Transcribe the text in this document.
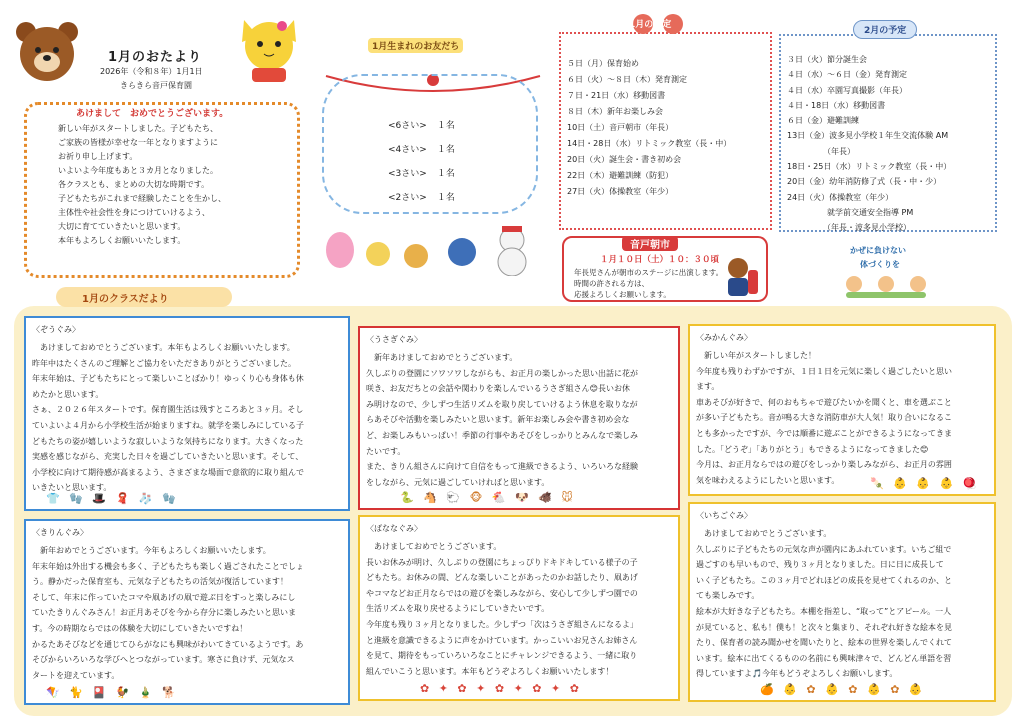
1月のおたより
2026年（令和８年）1月1日
きらきら音戸保育園
あけまして　おめでとうございます。

新しい年がスタートしました。子どもたち、

ご家族の皆様が幸せな一年となりますように

お祈り申し上げます。

いよいよ今年度もあと３カ月となりました。

各クラスとも、まとめの大切な時期です。

子どもたちがこれまで経験したことを生かし、

主体性や社会性を身につけていけるよう、

大切に育てていきたいと思います。

本年もよろしくお願いいたします。

1月生まれのお友だち
<6さい> １名
<4さい> １名
<3さい> １名
<2さい> １名
1月の予定
５日（月）保育始め
６日（火）～８日（木）発育測定
７日・21日（水）移動図書
８日（木）新年お楽しみ会
10日（土）音戸朝市（年長）
14日・28日（水）リトミック教室（長・中）
20日（火）誕生会・書き初め会
22日（木）避難訓練（防犯）
27日（火）体操教室（年少）
2月の予定
３日（火）節分誕生会
４日（水）～６日（金）発育測定
４日（水）卒園写真撮影（年長）
４日・18日（水）移動図書
６日（金）避難訓練
13日（金）波多見小学校１年生交流体験 AM
　　　　　（年長）
18日・25日（水）リトミック教室（長・中）
20日（金）幼年消防修了式（長・中・少）
24日（火）体操教室（年少）
　　　　　就学前交通安全指導 PM
　　　　　（年長・波多見小学校）
音戸朝市
１月１０日（土）１０：３０頃
年長児さんが朝市のステージに出演します。
時間の許される方は、
応援よろしくお願いします。
かぜに負けない
体づくりを
1月のクラスだより
〈ぞうぐみ〉
　あけましておめでとうございます。本年もよろしくお願いいたします。
昨年中はたくさんのご理解とご協力をいただきありがとうございました。
年末年始は、子どもたちにとって楽しいことばかり！ゆっくり心も身体も休
めたかと思います。
さぁ、２０２６年スタートです。保育園生活は残すところあと３ヶ月。そし
ていよいよ４月から小学校生活が始まりますね。就学を楽しみにしている子
どもたちの姿が嬉しいような寂しいような気持ちになります。大きくなった
実感を感じながら、充実した日々を過ごしていきたいと思います。そして、
小学校に向けて期待感が高まるよう、さまざまな場面で意欲的に取り組んで
いきたいと思います。
👕 🧤 🎩 🧣 🧦 🧤
〈きりんぐみ〉
　新年おめでとうございます。今年もよろしくお願いいたします。
年末年始は外出する機会も多く、子どもたちも楽しく過ごされたことでしょ
う。静かだった保育室も、元気な子どもたちの活気が復活しています！
そして、年末に作っていたコマや凧あげの凧で遊ぶ日をすっと楽しみにし
ていたきりんぐみさん！お正月あそびを今から存分に楽しみたいと思いま
す。今の時期ならではの体験を大切にしていきたいですね！
かるたあそびなどを通じてひらがなにも興味がわいてきているようです。あ
そびからいろいろな学びへとつながっています。寒さに負けず、元気なス
タートを迎えています。
🪁 🐈 🎴 🐓 🎍 🐕
〈うさぎぐみ〉
　新年あけましておめでとうございます。
久しぶりの登園にソワソワしながらも、お正月の楽しかった思い出話に花が
咲き、お友だちとの会話や関わりを楽しんでいるうさぎ組さん😊長いお休
み明けなので、少しずつ生活リズムを取り戻していけるよう休息を取りなが
らあそびや活動を楽しみたいと思います。新年お楽しみ会や書き初め会な
ど、お楽しみもいっぱい！季節の行事やあそびをしっかりとみんなで楽しみ
たいです。
また、きりん組さんに向けて自信をもって進級できるよう、いろいろな経験
をしながら、元気に過ごしていければと思います。
🐍 🐴 🐑 🐵 🐔 🐶 🐗 🐭
〈ばななぐみ〉
　あけましておめでとうございます。
長いお休みが明け、久しぶりの登園にちょっぴりドキドキしている様子の子
どもたち。お休みの間、どんな楽しいことがあったのかお話したり、凧あげ
やコマなどお正月ならではの遊びを楽しみながら、安心して少しずつ園での
生活リズムを取り戻せるようにしていきたいです。
今年度も残り３ヶ月となりました。少しずつ「次はうさぎ組さんになるよ」
と進級を意識できるように声をかけています。かっこいいお兄さんお姉さん
を見て、期待をもっていろいろなことにチャレンジできるよう、一緒に取り
組んでいこうと思います。本年もどうぞよろしくお願いいたします！
✿ ✦ ✿ ✦ ✿ ✦ ✿ ✦ ✿
〈みかんぐみ〉
　新しい年がスタートしました！
今年度も残りわずかですが、１日１日を元気に楽しく過ごしたいと思い
ます。
車あそびが好きで、何のおもちゃで遊びたいかを聞くと、車を選ぶこと
が多い子どもたち。音が鳴る大きな消防車が大人気！取り合いになるこ
とも多かったですが、今では順番に遊ぶことができるようになってきま
した。「どうぞ」「ありがとう」もできるようになってきました😊
今月は、お正月ならではの遊びをしっかり楽しみながら、お正月の雰囲
気を味わえるようにしたいと思います。	🍡 👶 👶 👶 🪀
〈いちごぐみ〉
　あけましておめでとうございます。
久しぶりに子どもたちの元気な声が園内にあふれています。いちご組で
過ごすのも早いもので、残り３ヶ月となりました。日に日に成長して
いく子どもたち。この３ヶ月でどれほどの成長を見せてくれるのか、と
ても楽しみです。
絵本が大好きな子どもたち。本棚を指差し、“取って”とアピール。一人
が見ていると、私も！僕も！と次々と集まり、それぞれ好きな絵本を見
たり、保育者の読み聞かせを聞いたりと、絵本の世界を楽しんでくれて
います。絵本に出てくるものの名前にも興味津々で、どんどん単語を習
得していますよ🎵今年もどうぞよろしくお願いします。
🍊 👶 ✿ 👶 ✿ 👶 ✿ 👶
